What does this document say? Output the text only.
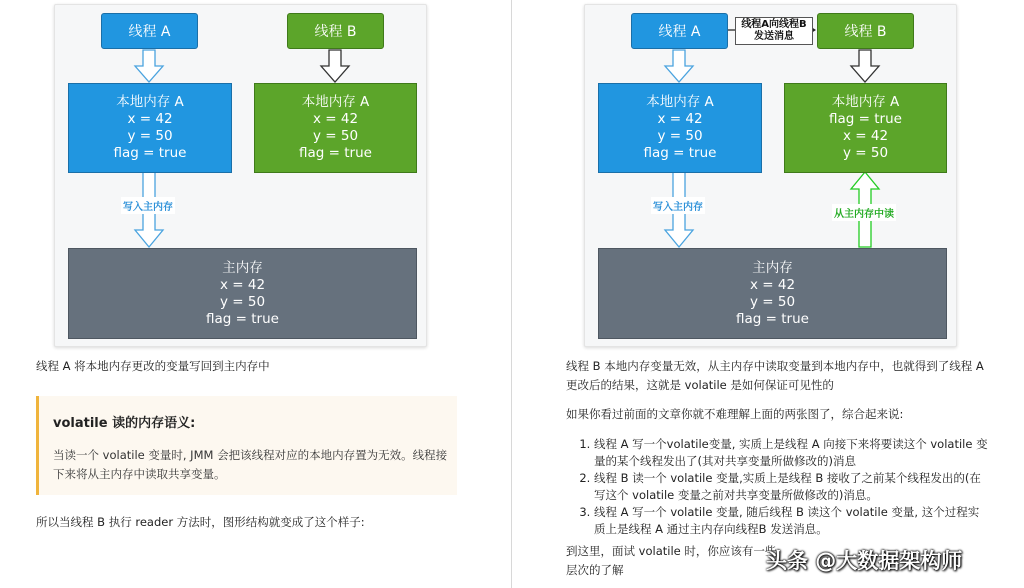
线程 A	线程 B
本地内存 A
x = 42
y = 50
flag = true
本地内存 A
x = 42
y = 50
flag = true
写入主内存
主内存
x = 42
y = 50
flag = true
线程 A 将本地内存更改的变量写回到主内存中
volatile 读的内存语义:
当读一个 volatile 变量时, JMM 会把该线程对应的本地内存置为无效。线程接下来将从主内存中读取共享变量。
所以当线程 B 执行 reader 方法时，图形结构就变成了这个样子:
线程 A	线程 B
线程A向线程B
发送消息
本地内存 A
x = 42
y = 50
flag = true
本地内存 A
flag = true
x = 42
y = 50
写入主内存
从主内存中读
主内存
x = 42
y = 50
flag = true
线程 B 本地内存变量无效，从主内存中读取变量到本地内存中，也就得到了线程 A 更改后的结果，这就是 volatile 是如何保证可见性的
如果你看过前面的文章你就不难理解上面的两张图了，综合起来说:
1. 线程 A 写一个volatile变量, 实质上是线程 A 向接下来将要读这个 volatile 变量的某个线程发出了(其对共享变量所做修改的)消息
2. 线程 B 读一个 volatile 变量,实质上是线程 B 接收了之前某个线程发出的(在写这个 volatile 变量之前对共享变量所做修改的)消息。
3. 线程 A 写一个 volatile 变量, 随后线程 B 读这个 volatile 变量, 这个过程实质上是线程 A 通过主内存向线程B 发送消息。
到这里，面试 volatile 时，你应该有一些
层次的了解	头条 @大数据架构师
